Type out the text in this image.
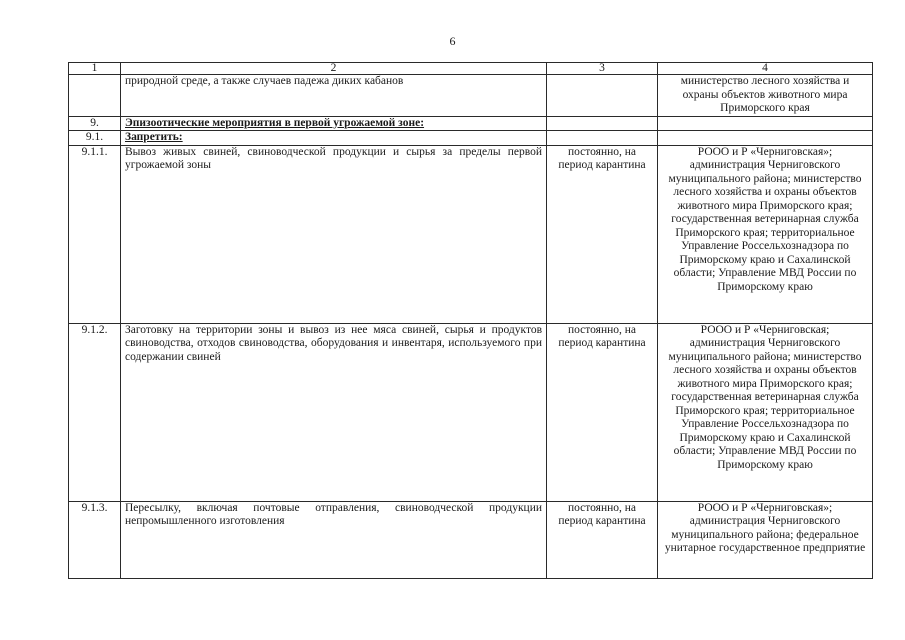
6
1	2	3	4
	природной среде, а также случаев падежа диких кабанов		министерство лесного хозяйства и охраны объектов животного мира Приморского края
9.	Эпизоотические мероприятия в первой угрожаемой зоне:		
9.1.	Запретить:		
9.1.1.	Вывоз живых свиней, свиноводческой продукции и сырья за пределы первой угрожаемой зоны	постоянно, на период карантина	РООО и Р «Черниговская»; администрация Черниговского муниципального района; министерство лесного хозяйства и охраны объектов животного мира Приморского края; государственная ветеринарная служба Приморского края; территориальное Управление Россельхознадзора по Приморскому краю и Сахалинской области; Управление МВД России по Приморскому краю
9.1.2.	Заготовку на территории зоны и вывоз из нее мяса свиней, сырья и продуктов свиноводства, отходов свиноводства, оборудования и инвентаря, используемого при содержании свиней	постоянно, на период карантина	РООО и Р «Черниговская; администрация Черниговского муниципального района; министерство лесного хозяйства и охраны объектов животного мира Приморского края; государственная ветеринарная служба Приморского края; территориальное Управление Россельхознадзора по Приморскому краю и Сахалинской области; Управление МВД России по Приморскому краю
9.1.3.	Пересылку, включая почтовые отправления, свиноводческой продукции непромышленного изготовления	постоянно, на период карантина	РООО и Р «Черниговская»; администрация Черниговского муниципального района; федеральное унитарное государственное предприятие
